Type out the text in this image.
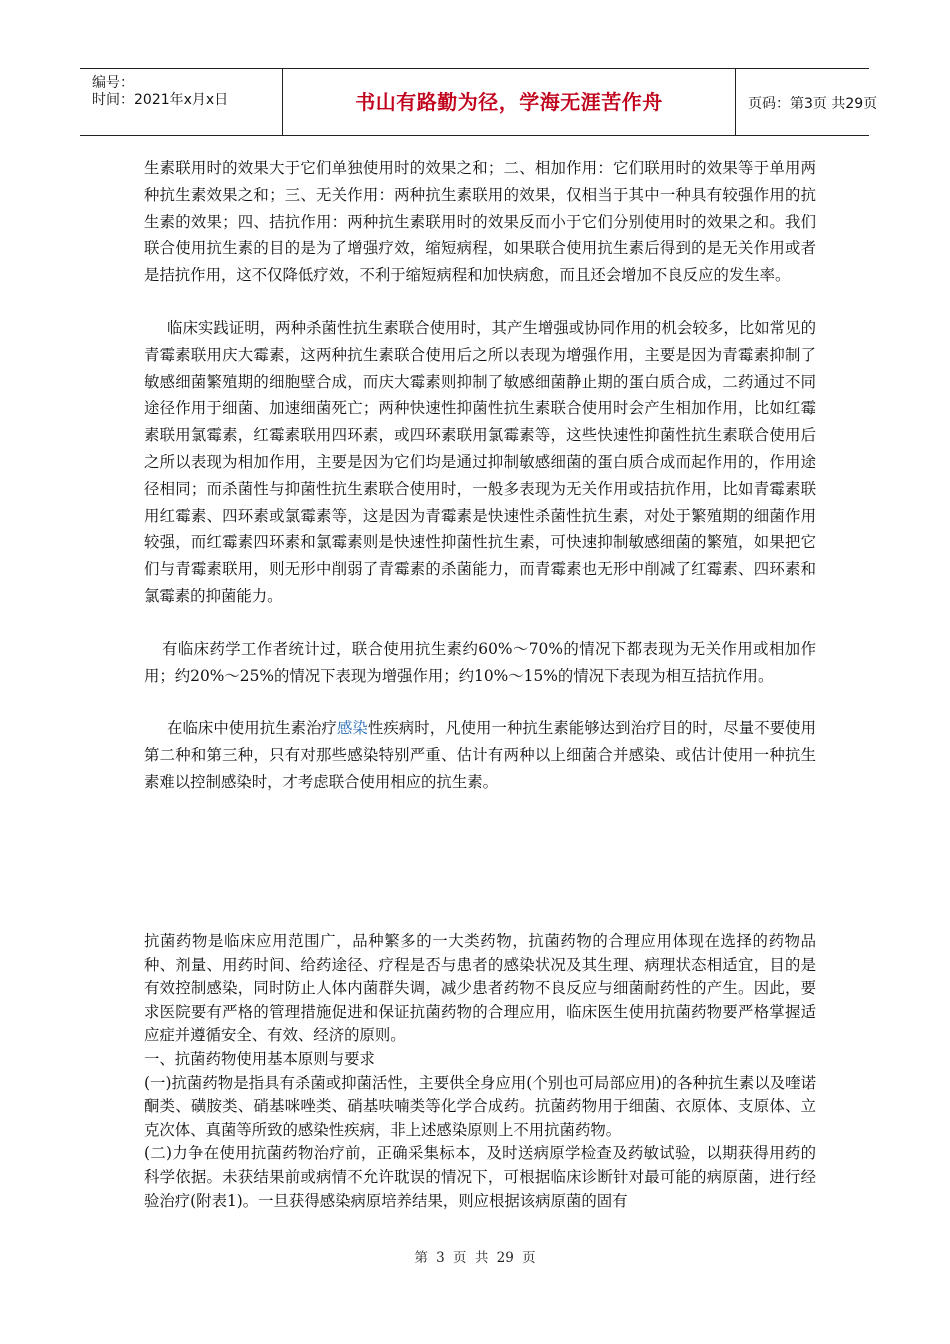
编号：
时间：2021年x月x日	书山有路勤为径，学海无涯苦作舟	页码：第3页 共29页

生素联用时的效果大于它们单独使用时的效果之和；二、相加作用：它们联用时的效果等于单用两种抗生素效果之和；三、无关作用：两种抗生素联用的效果，仅相当于其中一种具有较强作用的抗生素的效果；四、拮抗作用：两种抗生素联用时的效果反而小于它们分别使用时的效果之和。我们联合使用抗生素的目的是为了增强疗效，缩短病程，如果联合使用抗生素后得到的是无关作用或者是拮抗作用，这不仅降低疗效，不利于缩短病程和加快病愈，而且还会增加不良反应的发生率。

临床实践证明，两种杀菌性抗生素联合使用时，其产生增强或协同作用的机会较多，比如常见的青霉素联用庆大霉素，这两种抗生素联合使用后之所以表现为增强作用，主要是因为青霉素抑制了敏感细菌繁殖期的细胞壁合成，而庆大霉素则抑制了敏感细菌静止期的蛋白质合成，二药通过不同途径作用于细菌、加速细菌死亡；两种快速性抑菌性抗生素联合使用时会产生相加作用，比如红霉素联用氯霉素，红霉素联用四环素，或四环素联用氯霉素等，这些快速性抑菌性抗生素联合使用后之所以表现为相加作用，主要是因为它们均是通过抑制敏感细菌的蛋白质合成而起作用的，作用途径相同；而杀菌性与抑菌性抗生素联合使用时，一般多表现为无关作用或拮抗作用，比如青霉素联用红霉素、四环素或氯霉素等，这是因为青霉素是快速性杀菌性抗生素，对处于繁殖期的细菌作用较强，而红霉素四环素和氯霉素则是快速性抑菌性抗生素，可快速抑制敏感细菌的繁殖，如果把它们与青霉素联用，则无形中削弱了青霉素的杀菌能力，而青霉素也无形中削减了红霉素、四环素和氯霉素的抑菌能力。

有临床药学工作者统计过，联合使用抗生素约60%～70%的情况下都表现为无关作用或相加作用；约20%～25%的情况下表现为增强作用；约10%～15%的情况下表现为相互拮抗作用。

在临床中使用抗生素治疗感染性疾病时，凡使用一种抗生素能够达到治疗目的时，尽量不要使用第二种和第三种，只有对那些感染特别严重、估计有两种以上细菌合并感染、或估计使用一种抗生素难以控制感染时，才考虑联合使用相应的抗生素。

抗菌药物是临床应用范围广，品种繁多的一大类药物，抗菌药物的合理应用体现在选择的药物品种、剂量、用药时间、给药途径、疗程是否与患者的感染状况及其生理、病理状态相适宜，目的是有效控制感染，同时防止人体内菌群失调，减少患者药物不良反应与细菌耐药性的产生。因此，要求医院要有严格的管理措施促进和保证抗菌药物的合理应用，临床医生使用抗菌药物要严格掌握适应症并遵循安全、有效、经济的原则。

一、抗菌药物使用基本原则与要求

(一)抗菌药物是指具有杀菌或抑菌活性，主要供全身应用(个别也可局部应用)的各种抗生素以及喹诺酮类、磺胺类、硝基咪唑类、硝基呋喃类等化学合成药。抗菌药物用于细菌、衣原体、支原体、立克次体、真菌等所致的感染性疾病，非上述感染原则上不用抗菌药物。

(二)力争在使用抗菌药物治疗前，正确采集标本，及时送病原学检查及药敏试验，以期获得用药的科学依据。未获结果前或病情不允许耽误的情况下，可根据临床诊断针对最可能的病原菌，进行经验治疗(附表1)。一旦获得感染病原培养结果，则应根据该病原菌的固有

第 3 页 共 29 页
